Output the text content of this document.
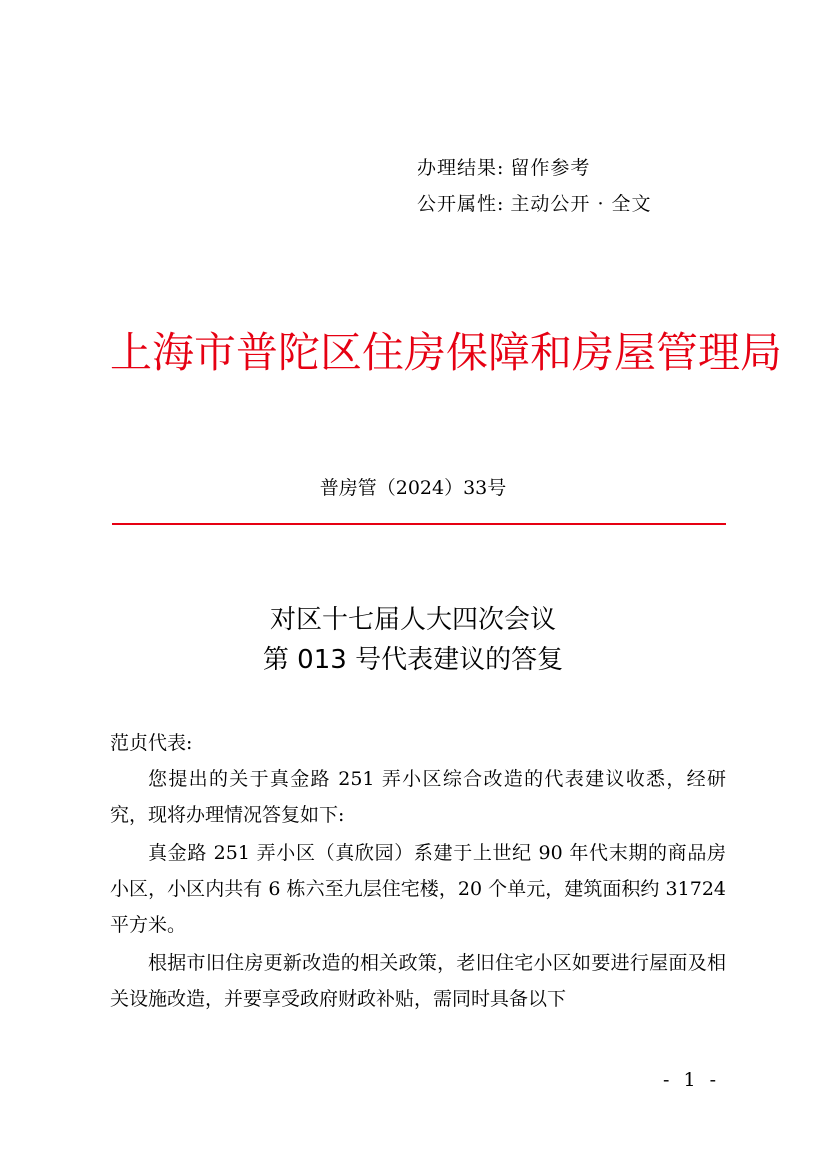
办理结果: 留作参考
公开属性: 主动公开 · 全文
上海市普陀区住房保障和房屋管理局
普房管（2024）33号
对区十七届人大四次会议
第 013 号代表建议的答复

范贞代表:

您提出的关于真金路 251 弄小区综合改造的代表建议收悉，经研究，现将办理情况答复如下:

真金路 251 弄小区（真欣园）系建于上世纪 90 年代末期的商品房小区，小区内共有 6 栋六至九层住宅楼，20 个单元，建筑面积约 31724 平方米。

根据市旧住房更新改造的相关政策，老旧住宅小区如要进行屋面及相关设施改造，并要享受政府财政补贴，需同时具备以下

- 1 -
